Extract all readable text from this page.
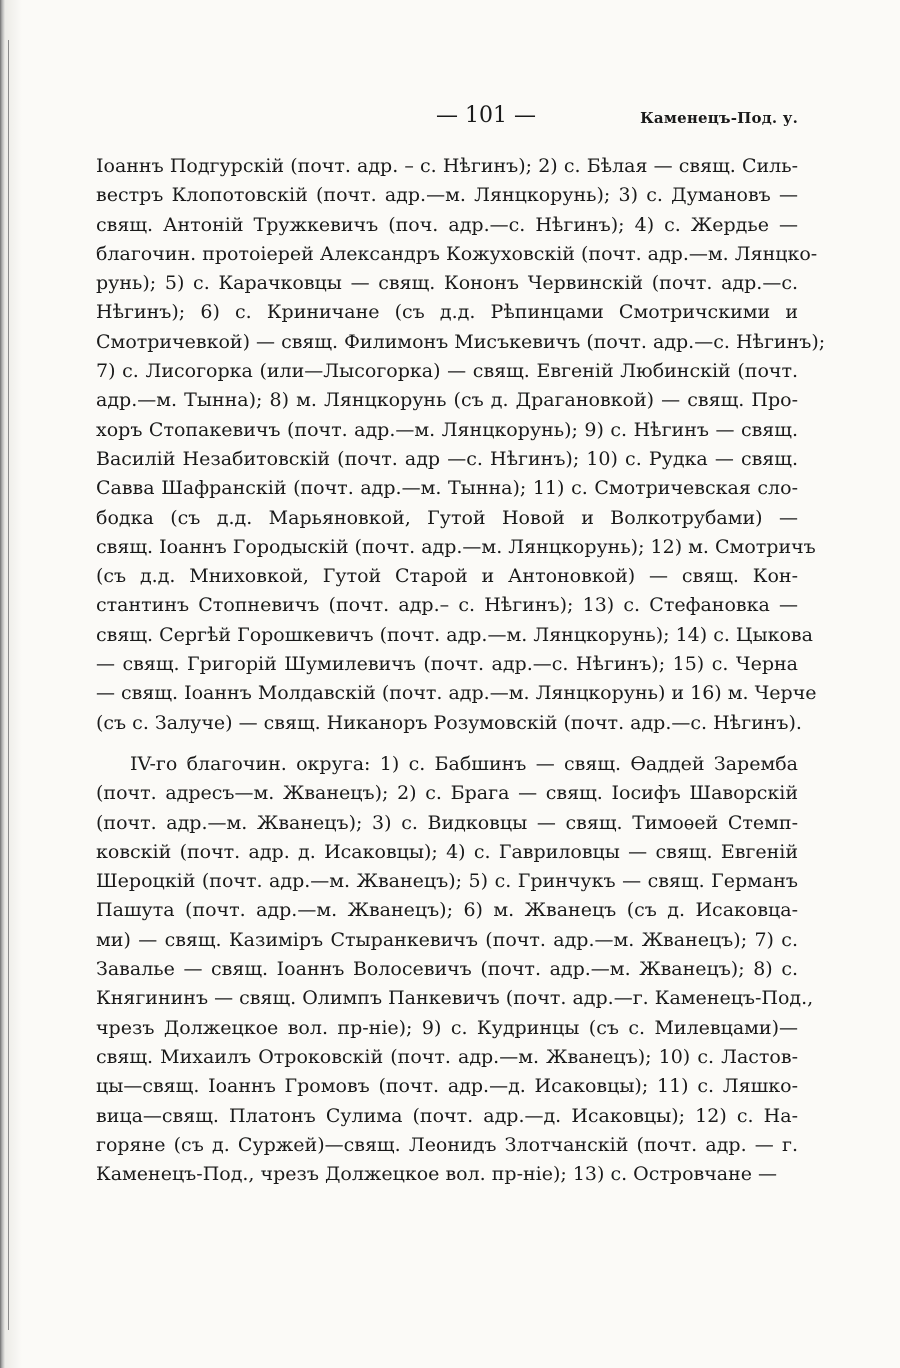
— 101 —	Каменецъ-Под. у.
Іоаннъ Подгурскій (почт. адр. – с. Нѣгинъ); 2) с. Бѣлая — свящ. Силь-
вестръ Клопотовскій (почт. адр.—м. Лянцкорунь); 3) с. Думановъ —
свящ. Антоній Тружкевичъ (поч. адр.—с. Нѣгинъ); 4) с. Жердье —
благочин. протоіерей Александръ Кожуховскій (почт. адр.—м. Лянцко-
рунь); 5) с. Карачковцы — свящ. Кононъ Червинскій (почт. адр.—с.
Нѣгинъ); 6) с. Криничане (съ д.д. Рѣпинцами Смотричскими и
Смотричевкой) — свящ. Филимонъ Мисъкевичъ (почт. адр.—с. Нѣгинъ);
7) с. Лисогорка (или—Лысогорка) — свящ. Евгеній Любинскій (почт.
адр.—м. Тынна); 8) м. Лянцкорунь (съ д. Драгановкой) — свящ. Про-
хоръ Стопакевичъ (почт. адр.—м. Лянцкорунь); 9) с. Нѣгинъ — свящ.
Василій Незабитовскій (почт. адр —с. Нѣгинъ); 10) с. Рудка — свящ.
Савва Шафранскій (почт. адр.—м. Тынна); 11) с. Смотричевская сло-
бодка (съ д.д. Марьяновкой, Гутой Новой и Волкотрубами) —
свящ. Іоаннъ Городыскій (почт. адр.—м. Лянцкорунь); 12) м. Смотричъ
(съ д.д. Мниховкой, Гутой Старой и Антоновкой) — свящ. Кон-
стантинъ Стопневичъ (почт. адр.– с. Нѣгинъ); 13) с. Стефановка —
свящ. Сергѣй Горошкевичъ (почт. адр.—м. Лянцкорунь); 14) с. Цыкова
— свящ. Григорій Шумилевичъ (почт. адр.—с. Нѣгинъ); 15) с. Черна
— свящ. Іоаннъ Молдавскій (почт. адр.—м. Лянцкорунь) и 16) м. Черче
(съ с. Залуче) — свящ. Никаноръ Розумовскій (почт. адр.—с. Нѣгинъ).
IV-го благочин. округа: 1) с. Бабшинъ — свящ. Ѳаддей Заремба
(почт. адресъ—м. Жванецъ); 2) с. Брага — свящ. Іосифъ Шаворскій
(почт. адр.—м. Жванецъ); 3) с. Видковцы — свящ. Тимоѳей Стемп-
ковскій (почт. адр. д. Исаковцы); 4) с. Гавриловцы — свящ. Евгеній
Шероцкій (почт. адр.—м. Жванецъ); 5) с. Гринчукъ — свящ. Германъ
Пашута (почт. адр.—м. Жванецъ); 6) м. Жванецъ (съ д. Исаковца-
ми) — свящ. Казиміръ Стыранкевичъ (почт. адр.—м. Жванецъ); 7) с.
Завалье — свящ. Іоаннъ Волосевичъ (почт. адр.—м. Жванецъ); 8) с.
Княгининъ — свящ. Олимпъ Панкевичъ (почт. адр.—г. Каменецъ-Под.,
чрезъ Должецкое вол. пр-ніе); 9) с. Кудринцы (съ с. Милевцами)—
свящ. Михаилъ Отроковскій (почт. адр.—м. Жванецъ); 10) с. Ластов-
цы—свящ. Іоаннъ Громовъ (почт. адр.—д. Исаковцы); 11) с. Ляшко-
вица—свящ. Платонъ Сулима (почт. адр.—д. Исаковцы); 12) с. На-
горяне (съ д. Суржей)—свящ. Леонидъ Злотчанскій (почт. адр. — г.
Каменецъ-Под., чрезъ Должецкое вол. пр-ніе); 13) с. Островчане —
